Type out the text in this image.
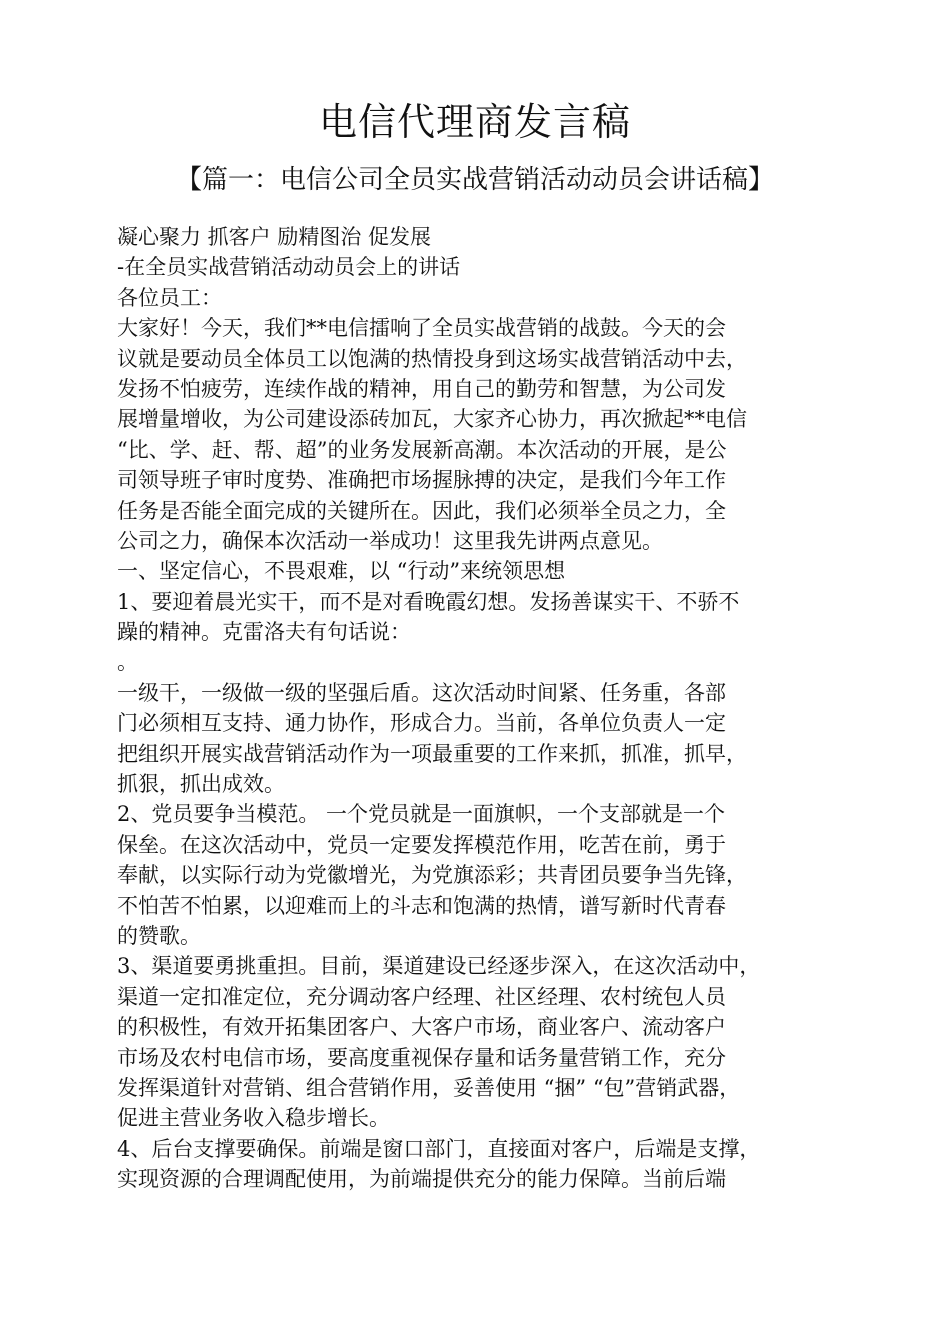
电信代理商发言稿
【篇一：电信公司全员实战营销活动动员会讲话稿】
凝心聚力 抓客户 励精图治 促发展
-在全员实战营销活动动员会上的讲话
各位员工：
大家好！今天，我们**电信擂响了全员实战营销的战鼓。今天的会
议就是要动员全体员工以饱满的热情投身到这场实战营销活动中去，
发扬不怕疲劳，连续作战的精神，用自己的勤劳和智慧，为公司发
展增量增收，为公司建设添砖加瓦，大家齐心协力，再次掀起**电信
“比、学、赶、帮、超”的业务发展新高潮。本次活动的开展，是公
司领导班子审时度势、准确把市场握脉搏的决定，是我们今年工作
任务是否能全面完成的关键所在。因此，我们必须举全员之力，全
公司之力，确保本次活动一举成功！这里我先讲两点意见。
一、坚定信心，不畏艰难，以 “行动”来统领思想
1、要迎着晨光实干，而不是对看晚霞幻想。发扬善谋实干、不骄不
躁的精神。克雷洛夫有句话说：
。
一级干，一级做一级的坚强后盾。这次活动时间紧、任务重，各部
门必须相互支持、通力协作，形成合力。当前，各单位负责人一定
把组织开展实战营销活动作为一项最重要的工作来抓，抓准，抓早，
抓狠，抓出成效。
2、党员要争当模范。 一个党员就是一面旗帜，一个支部就是一个
保垒。在这次活动中，党员一定要发挥模范作用，吃苦在前，勇于
奉献，以实际行动为党徽增光，为党旗添彩；共青团员要争当先锋，
不怕苦不怕累，以迎难而上的斗志和饱满的热情，谱写新时代青春
的赞歌。
3、渠道要勇挑重担。目前，渠道建设已经逐步深入，在这次活动中，
渠道一定扣准定位，充分调动客户经理、社区经理、农村统包人员
的积极性，有效开拓集团客户、大客户市场，商业客户、流动客户
市场及农村电信市场，要高度重视保存量和话务量营销工作，充分
发挥渠道针对营销、组合营销作用，妥善使用 “捆” “包”营销武器，
促进主营业务收入稳步增长。
4、后台支撑要确保。前端是窗口部门，直接面对客户，后端是支撑，
实现资源的合理调配使用，为前端提供充分的能力保障。当前后端
